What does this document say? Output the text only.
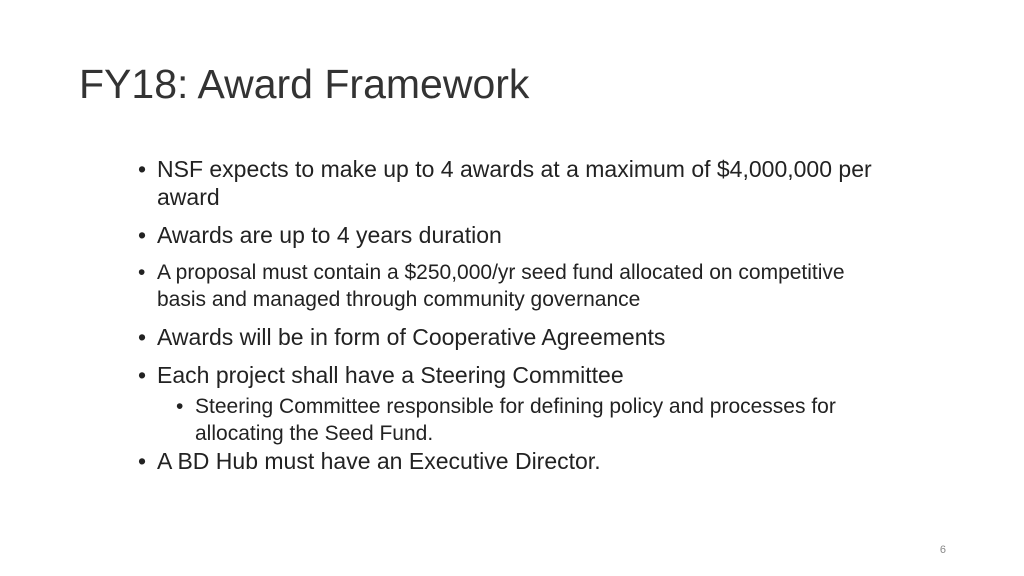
FY18: Award Framework
• NSF expects to make up to 4 awards at a maximum of $4,000,000 per award
• Awards are up to 4 years duration
• A proposal must contain a $250,000/yr seed fund allocated on competitive basis and managed through community governance
• Awards will be in form of Cooperative Agreements
• Each project shall have a Steering Committee
• Steering Committee responsible for defining policy and processes for allocating the Seed Fund.
• A BD Hub must have an Executive Director.
6
